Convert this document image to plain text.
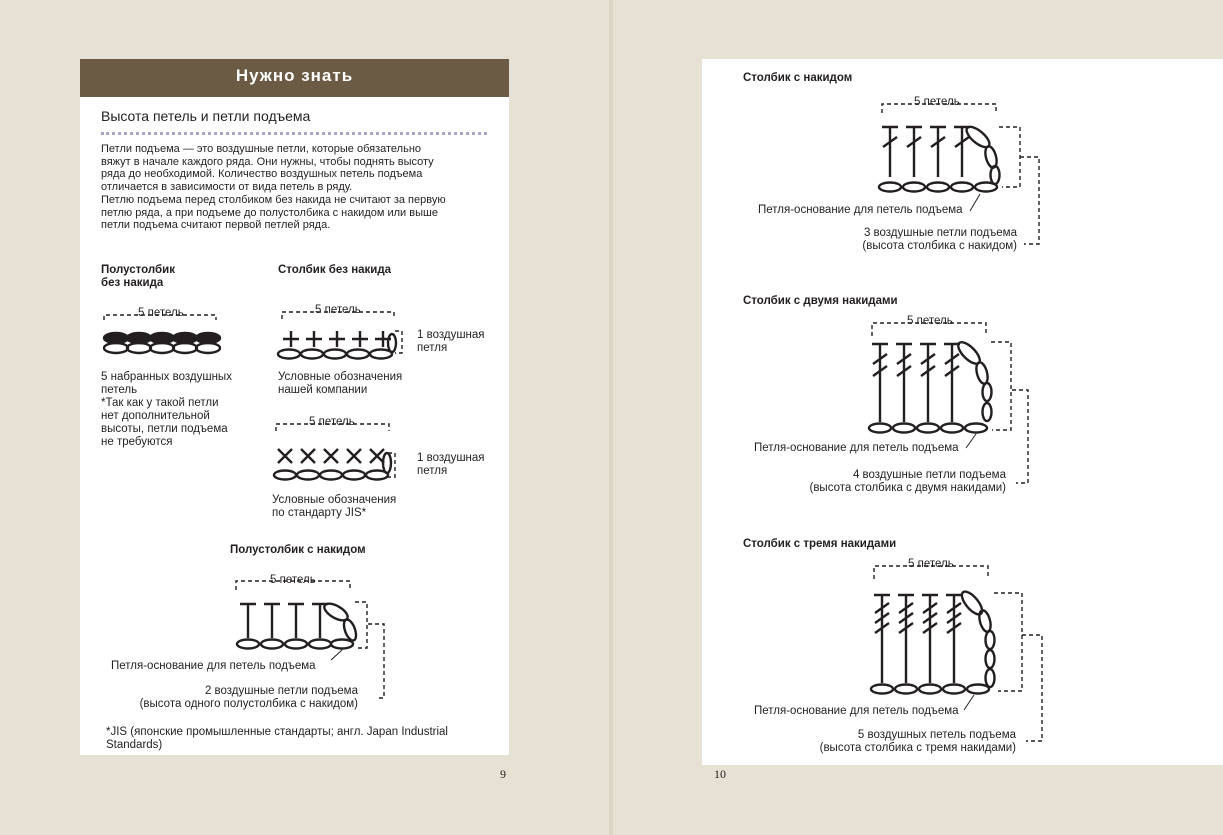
Нужно знать
Высота петель и петли подъема
Петли подъема — это воздушные петли, которые обязательно
вяжут в начале каждого ряда. Они нужны, чтобы поднять высоту
ряда до необходимой. Количество воздушных петель подъема
отличается в зависимости от вида петель в ряду.
Петлю подъема перед столбиком без накида не считают за первую
петлю ряда, а при подъеме до полустолбика с накидом или выше
петли подъема считают первой петлей ряда.
Полустолбик
без накида
5 петель
5 набранных воздушных
петель
*Так как у такой петли
нет дополнительной
высоты, петли подъема
не требуются
Столбик без накида
5 петель
1 воздушная
петля
Условные обозначения
нашей компании
5 петель
1 воздушная
петля
Условные обозначения
по стандарту JIS*
Полустолбик с накидом
5 петель
Петля-основание для петель подъема
2 воздушные петли подъема
(высота одного полустолбика с накидом)
*JIS (японские промышленные стандарты; англ. Japan Industrial
Standards)
9
Столбик с накидом
5 петель
Петля-основание для петель подъема
3 воздушные петли подъема
(высота столбика с накидом)
Столбик с двумя накидами
5 петель
Петля-основание для петель подъема
4 воздушные петли подъема
(высота столбика с двумя накидами)
Столбик с тремя накидами
5 петель
Петля-основание для петель подъема
5 воздушных петель подъема
(высота столбика с тремя накидами)
10
